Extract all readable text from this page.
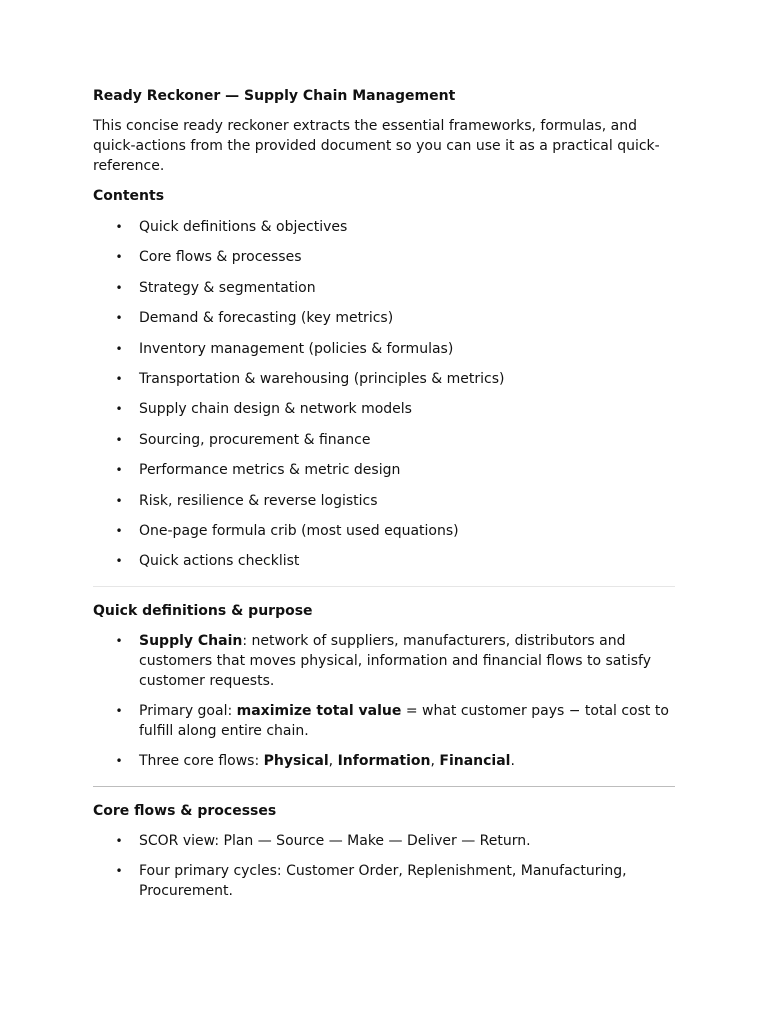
Ready Reckoner — Supply Chain Management

This concise ready reckoner extracts the essential frameworks, formulas, and quick-actions from the provided document so you can use it as a practical quick-reference.

Contents

• Quick definitions & objectives
• Core flows & processes
• Strategy & segmentation
• Demand & forecasting (key metrics)
• Inventory management (policies & formulas)
• Transportation & warehousing (principles & metrics)
• Supply chain design & network models
• Sourcing, procurement & finance
• Performance metrics & metric design
• Risk, resilience & reverse logistics
• One-page formula crib (most used equations)
• Quick actions checklist

Quick definitions & purpose

• Supply Chain: network of suppliers, manufacturers, distributors and customers that moves physical, information and financial flows to satisfy customer requests.
• Primary goal: maximize total value = what customer pays − total cost to fulfill along entire chain.
• Three core flows: Physical, Information, Financial.

Core flows & processes

• SCOR view: Plan — Source — Make — Deliver — Return.
• Four primary cycles: Customer Order, Replenishment, Manufacturing, Procurement.
